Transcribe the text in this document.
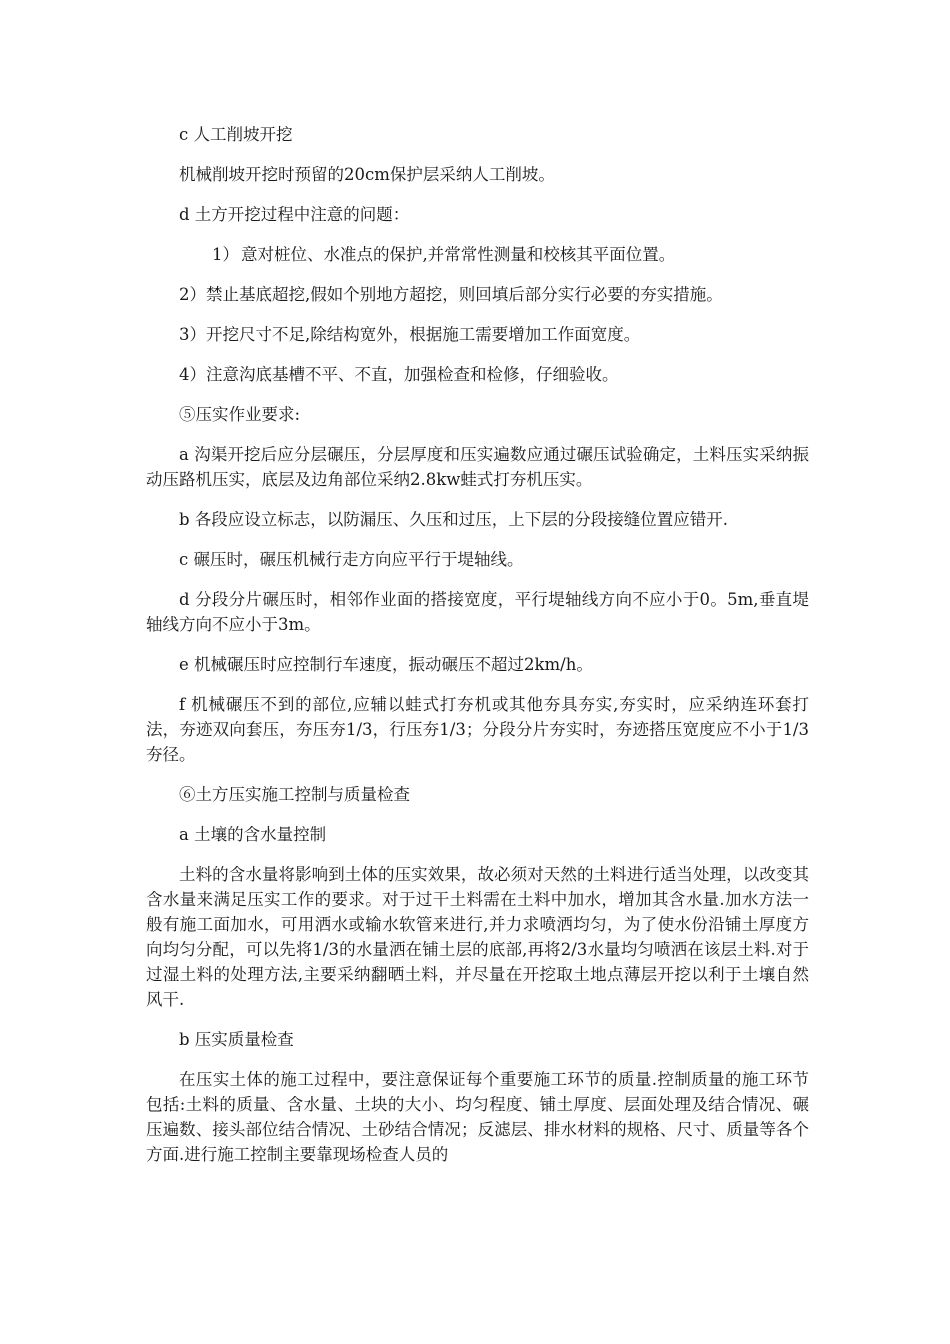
c 人工削坡开挖

机械削坡开挖时预留的20cm保护层采纳人工削坡。

d 土方开挖过程中注意的问题：

1） 意对桩位、水准点的保护,并常常性测量和校核其平面位置。

2）禁止基底超挖,假如个别地方超挖，则回填后部分实行必要的夯实措施。

3）开挖尺寸不足,除结构宽外，根据施工需要增加工作面宽度。

4）注意沟底基槽不平、不直，加强检查和检修，仔细验收。

⑤压实作业要求:

a 沟渠开挖后应分层碾压，分层厚度和压实遍数应通过碾压试验确定，土料压实采纳振动压路机压实，底层及边角部位采纳2.8kw蛙式打夯机压实。

b 各段应设立标志，以防漏压、久压和过压，上下层的分段接缝位置应错开.

c 碾压时，碾压机械行走方向应平行于堤轴线。

d 分段分片碾压时，相邻作业面的搭接宽度，平行堤轴线方向不应小于0。5m,垂直堤轴线方向不应小于3m。

e 机械碾压时应控制行车速度，振动碾压不超过2km/h。

f 机械碾压不到的部位,应辅以蛙式打夯机或其他夯具夯实,夯实时，应采纳连环套打法，夯迹双向套压，夯压夯1/3，行压夯1/3；分段分片夯实时，夯迹搭压宽度应不小于1/3夯径。

⑥土方压实施工控制与质量检查

a 土壤的含水量控制

土料的含水量将影响到土体的压实效果，故必须对天然的土料进行适当处理，以改变其含水量来满足压实工作的要求。对于过干土料需在土料中加水，增加其含水量.加水方法一般有施工面加水，可用洒水或输水软管来进行,并力求喷洒均匀，为了使水份沿铺土厚度方向均匀分配，可以先将1/3的水量洒在铺土层的底部,再将2/3水量均匀喷洒在该层土料.对于过湿土料的处理方法,主要采纳翻晒土料，并尽量在开挖取土地点薄层开挖以利于土壤自然风干.

b 压实质量检查

在压实土体的施工过程中，要注意保证每个重要施工环节的质量.控制质量的施工环节包括:土料的质量、含水量、土块的大小、均匀程度、铺土厚度、层面处理及结合情况、碾压遍数、接头部位结合情况、土砂结合情况；反滤层、排水材料的规格、尺寸、质量等各个方面.进行施工控制主要靠现场检查人员的
